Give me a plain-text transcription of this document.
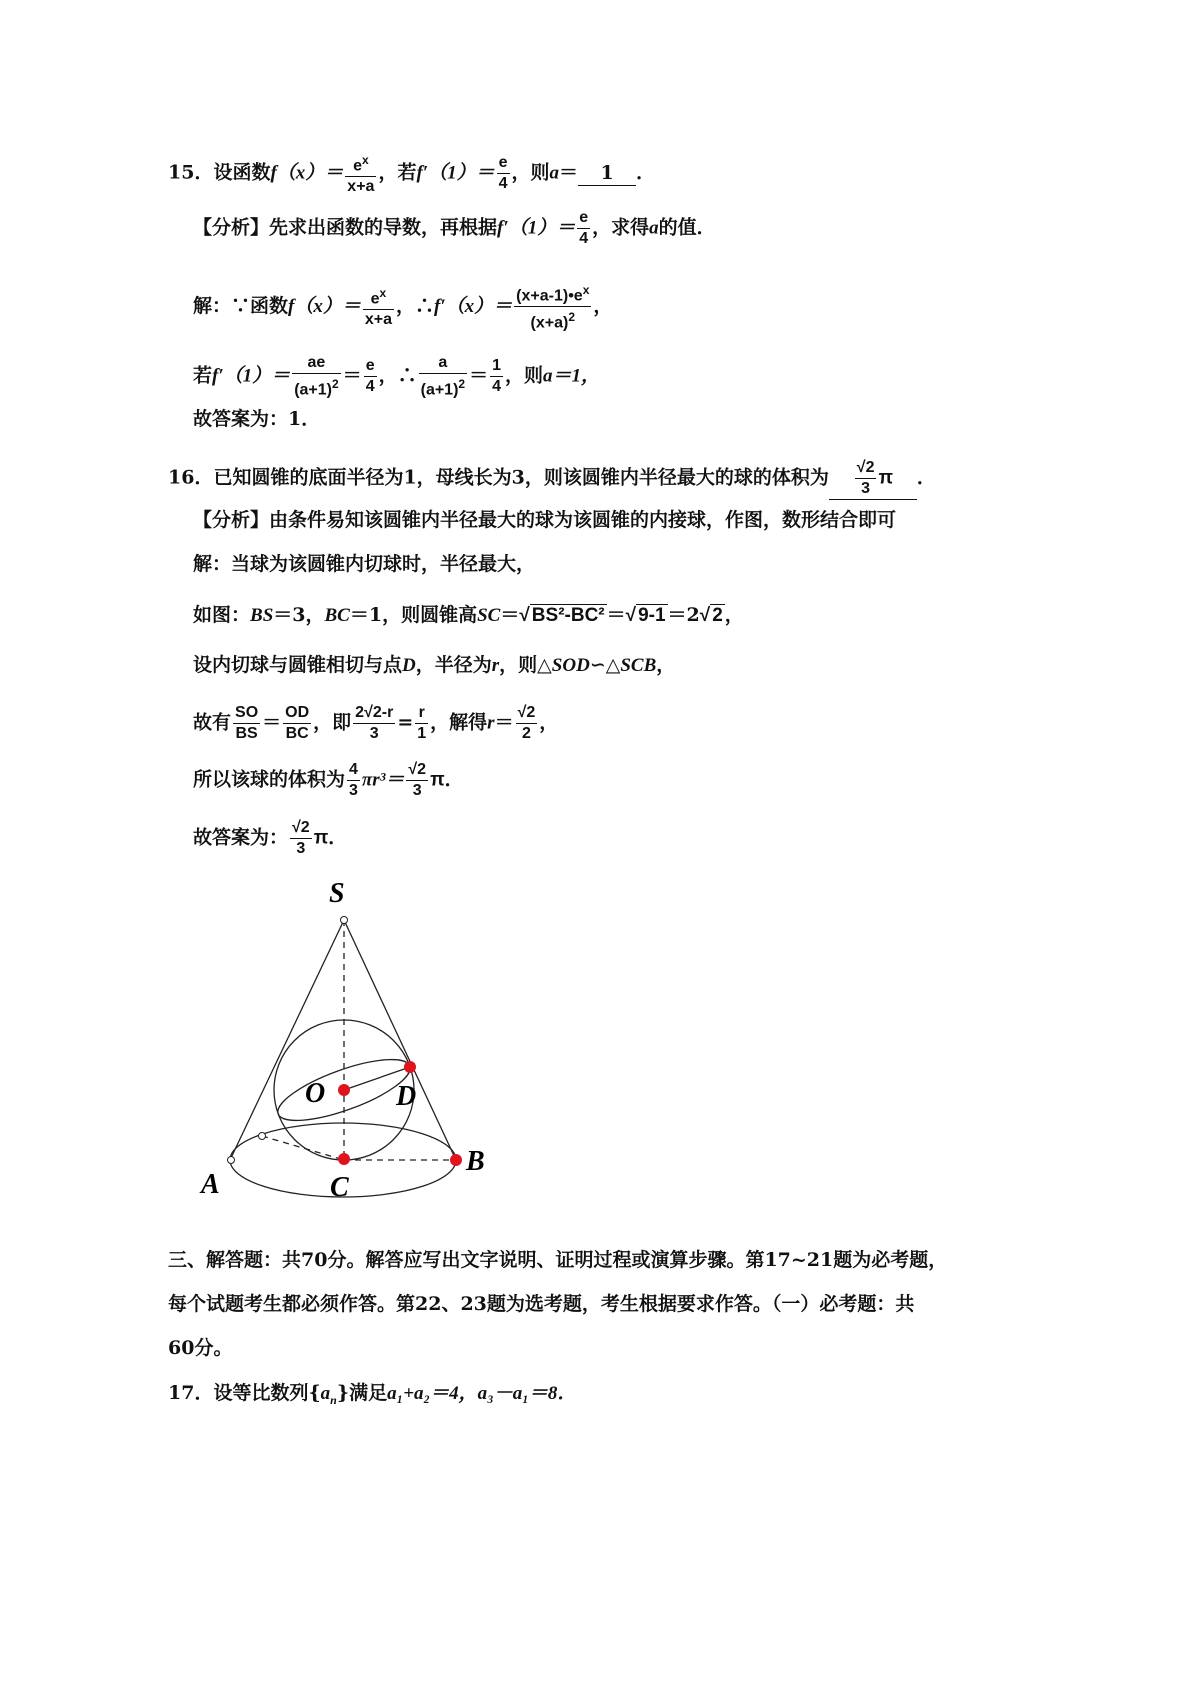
15．设函数$f(x)= \frac{e^x}{x+a}$ ，若$f'(1)= \frac{e}{4}$ ，则a＝ 1 ．
【分析】先求出函数的导数，再根据$f'(1)= \frac{e}{4}$ ，求得a的值．
解：∵函数$f(x)= \frac{e^x}{x+a}$ ，∴f′（x）＝ $\frac{(x+a-1)•e^x}{(x+a)^2}$ ，
若$f'(1)= \frac{ae}{(a+1)^2} = \frac{e}{4}$ ，∴ $\frac{a}{(a+1)^2} = \frac{1}{4}$ ，则a＝1，
故答案为：1．
16．已知圆锥的底面半径为1，母线长为3，则该圆锥内半径最大的球的体积为 $\frac{√2}{3}$ π ．
【分析】由条件易知该圆锥内半径最大的球为该圆锥的内接球，作图，数形结合即可
解：当球为该圆锥内切球时，半径最大，
如图：BS＝3，BC＝1，则圆锥高SC＝√ BS²-BC² ＝√ 9-1 ＝2√ 2 ，
设内切球与圆锥相切与点D，半径为r，则△SOD∽△SCB，
故有 $\frac{SO}{BS} = \frac{OD}{BC}$ ，即 $\frac{2√2-r}{3} = \frac{r}{1}$ ，解得$r= \frac{√2}{2}$ ，
所以该球的体积为 $\frac{4}{3} \pi r^3= \frac{√2}{3}$ π．
故答案为： $\frac{√2}{3}$ π．
S
O	D
A	C
B
三、解答题：共70分。解答应写出文字说明、证明过程或演算步骤。第17~21题为必考题，
每个试题考生都必须作答。第22、23题为选考题，考生根据要求作答。（一）必考题：共
60分。
17．设等比数列$\{a_n\}$满足a₁+a₂＝4，a₃－a₁＝8．
